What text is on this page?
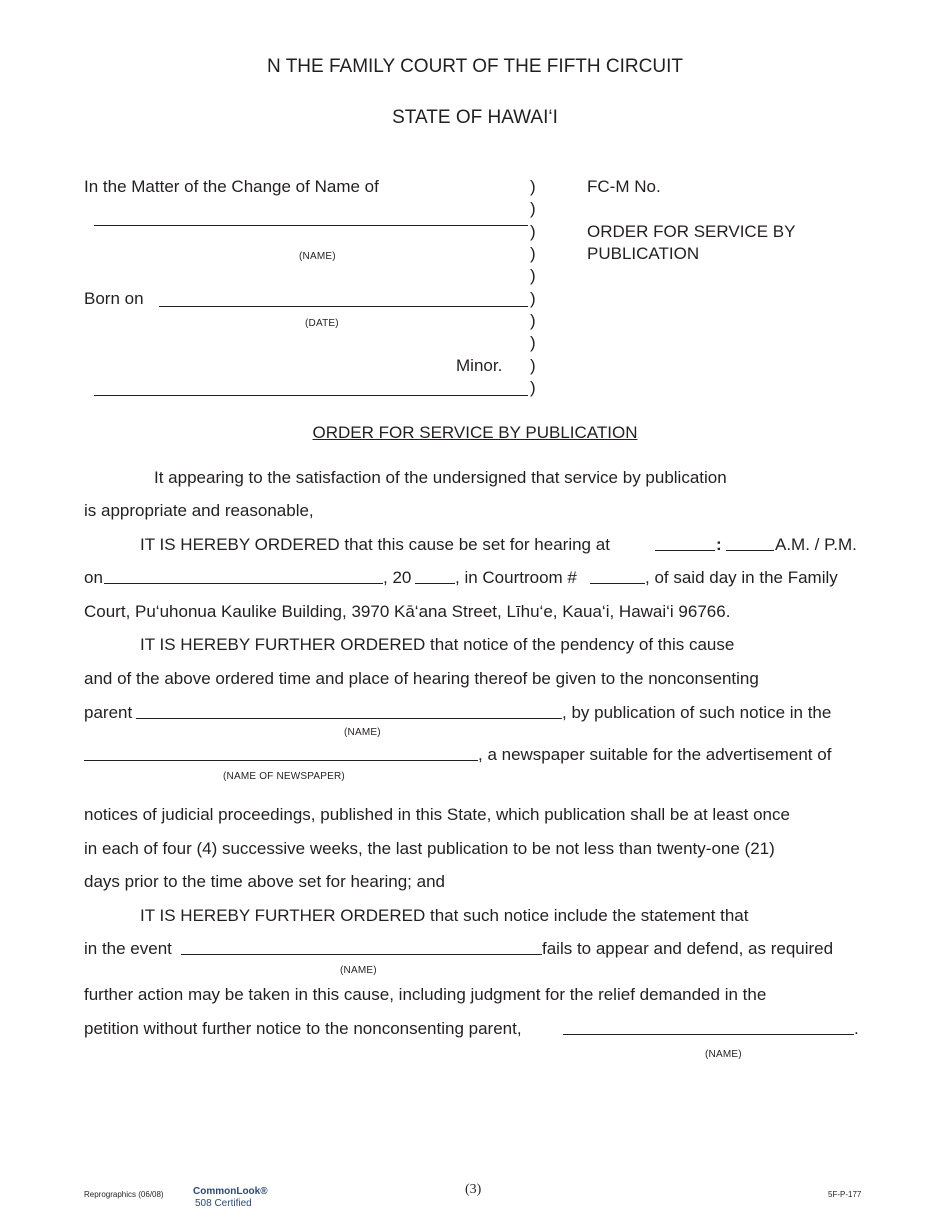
N THE FAMILY COURT OF THE FIFTH CIRCUIT
STATE OF HAWAI‘I
In the Matter of the Change of Name of
(NAME)
Born on
(DATE)
Minor.
)
)
)
)
)
)
)
)
)
)
FC-M No.
ORDER FOR SERVICE BY
PUBLICATION
ORDER FOR SERVICE BY PUBLICATION
It appearing to the satisfaction of the undersigned that service by publication
is appropriate and reasonable,
IT IS HEREBY ORDERED that this cause be set for hearing at	:	A.M. / P.M.
on	, 20	, in Courtroom #	, of said day in the Family
Court, Pu‘uhonua Kaulike Building, 3970 Kā‘ana Street, Līhu‘e, Kaua‘i, Hawai‘i 96766.
IT IS HEREBY FURTHER ORDERED that notice of the pendency of this cause
and of the above ordered time and place of hearing thereof be given to the nonconsenting
parent	, by publication of such notice in the
(NAME)
, a newspaper suitable for the advertisement of
(NAME OF NEWSPAPER)
notices of judicial proceedings, published in this State, which publication shall be at least once
in each of four (4) successive weeks, the last publication to be not less than twenty-one (21)
days prior to the time above set for hearing; and
IT IS HEREBY FURTHER ORDERED that such notice include the statement that
in the event	fails to appear and defend, as required
(NAME)
further action may be taken in this cause, including judgment for the relief demanded in the
petition without further notice to the nonconsenting parent,	.
(NAME)
Reprographics (06/08)	CommonLook®
508 Certified
(3)	5F-P-177
